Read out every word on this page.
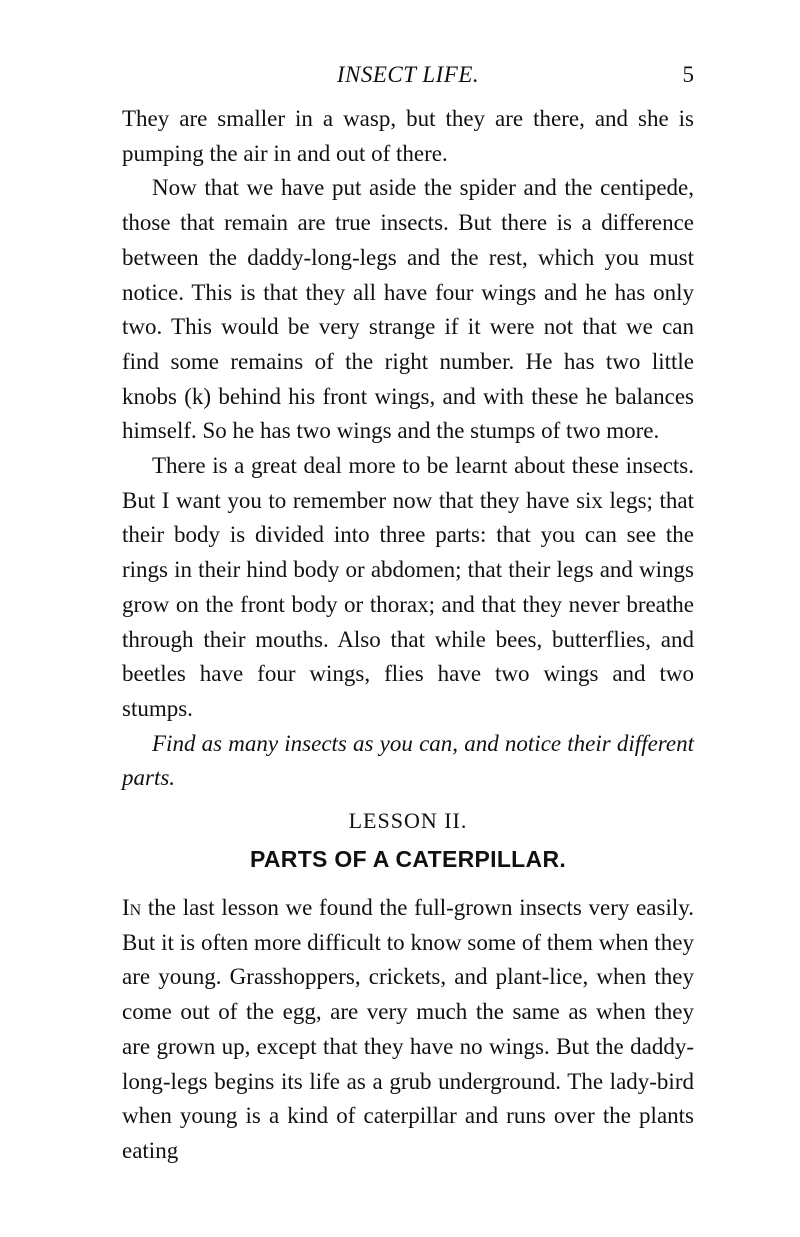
INSECT LIFE.	5

They are smaller in a wasp, but they are there, and she is pumping the air in and out of there.

Now that we have put aside the spider and the centipede, those that remain are true insects. But there is a difference between the daddy-long-legs and the rest, which you must notice. This is that they all have four wings and he has only two. This would be very strange if it were not that we can find some remains of the right number. He has two little knobs (k) behind his front wings, and with these he balances himself. So he has two wings and the stumps of two more.

There is a great deal more to be learnt about these insects. But I want you to remember now that they have six legs; that their body is divided into three parts: that you can see the rings in their hind body or abdomen; that their legs and wings grow on the front body or thorax; and that they never breathe through their mouths. Also that while bees, butterflies, and beetles have four wings, flies have two wings and two stumps.

Find as many insects as you can, and notice their different parts.

LESSON II.
PARTS OF A CATERPILLAR.

In the last lesson we found the full-grown insects very easily. But it is often more difficult to know some of them when they are young. Grasshoppers, crickets, and plant-lice, when they come out of the egg, are very much the same as when they are grown up, except that they have no wings. But the daddy-long-legs begins its life as a grub underground. The lady-bird when young is a kind of caterpillar and runs over the plants eating
